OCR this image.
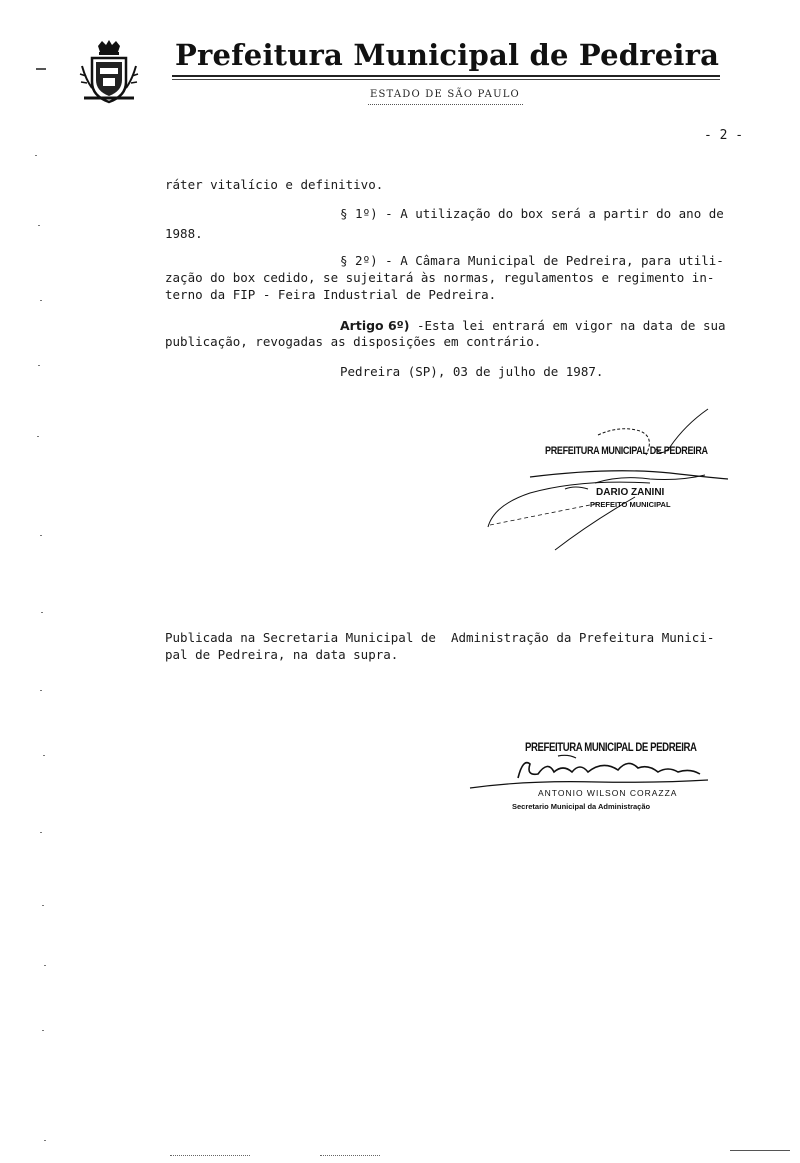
Prefeitura Municipal de Pedreira
ESTADO DE SÃO PAULO
- 2 -
ráter vitalício e definitivo.
§ 1º) - A utilização do box será a partir do ano de
1988.
§ 2º) - A Câmara Municipal de Pedreira, para utili-
zação do box cedido, se sujeitará às normas, regulamentos e regimento in-
terno da FIP - Feira Industrial de Pedreira.
Artigo 6º) -Esta lei entrará em vigor na data de sua
publicação, revogadas as disposições em contrário.
Pedreira (SP), 03 de julho de 1987.
PREFEITURA MUNICIPAL DE PEDREIRA
DARIO ZANINI
PREFEITO MUNICIPAL
Publicada na Secretaria Municipal de  Administração da Prefeitura Munici-
pal de Pedreira, na data supra.
PREFEITURA MUNICIPAL DE PEDREIRA
ANTONIO WILSON CORAZZA
Secretario Municipal da Administração
